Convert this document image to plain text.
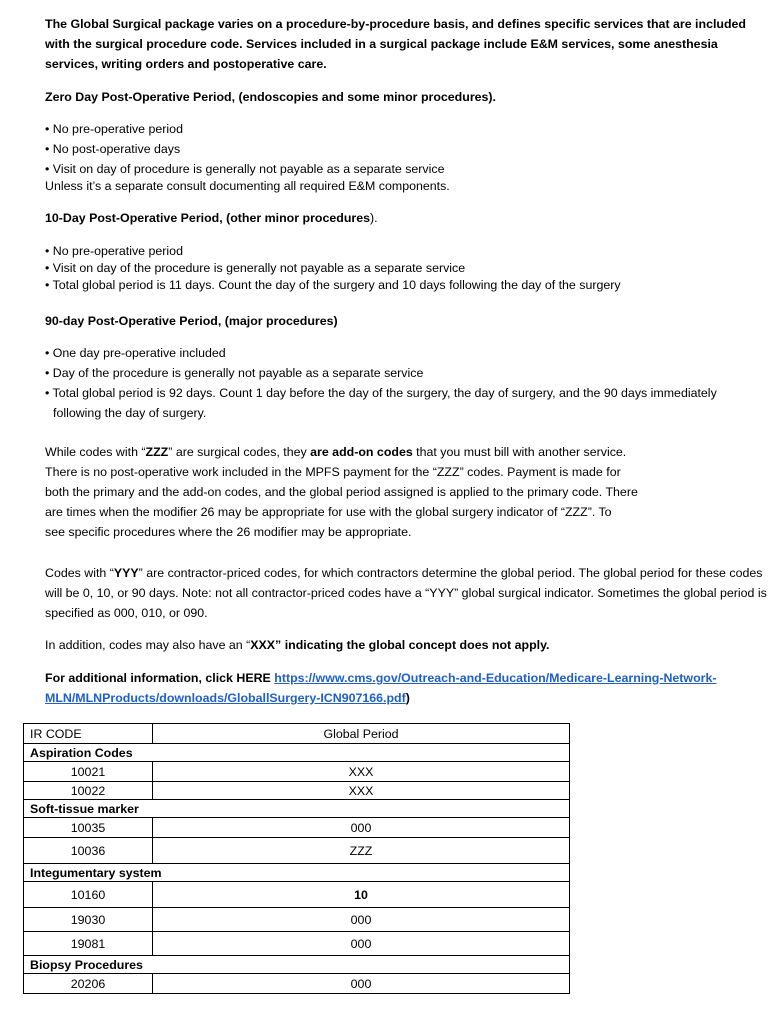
The Global Surgical package varies on a procedure-by-procedure basis, and defines specific services that are included
with the surgical procedure code. Services included in a surgical package include E&M services, some anesthesia
services, writing orders and postoperative care.
Zero Day Post-Operative Period, (endoscopies and some minor procedures).
• No pre-operative period
• No post-operative days
• Visit on day of procedure is generally not payable as a separate service
Unless it’s a separate consult documenting all required E&M components.
10-Day Post-Operative Period, (other minor procedures).
• No pre-operative period
• Visit on day of the procedure is generally not payable as a separate service
• Total global period is 11 days. Count the day of the surgery and 10 days following the day of the surgery
90-day Post-Operative Period, (major procedures)
• One day pre-operative included
• Day of the procedure is generally not payable as a separate service
• Total global period is 92 days. Count 1 day before the day of the surgery, the day of surgery, and the 90 days immediately
following the day of surgery.
While codes with “ZZZ” are surgical codes, they are add-on codes that you must bill with another service.
There is no post-operative work included in the MPFS payment for the “ZZZ” codes. Payment is made for
both the primary and the add-on codes, and the global period assigned is applied to the primary code. There
are times when the modifier 26 may be appropriate for use with the global surgery indicator of “ZZZ”. To
see specific procedures where the 26 modifier may be appropriate.
Codes with “YYY” are contractor-priced codes, for which contractors determine the global period. The global period for these codes
will be 0, 10, or 90 days. Note: not all contractor-priced codes have a “YYY” global surgical indicator. Sometimes the global period is
specified as 000, 010, or 090.
In addition, codes may also have an “XXX” indicating the global concept does not apply.
For additional information, click HERE https://www.cms.gov/Outreach-and-Education/Medicare-Learning-Network-
MLN/MLNProducts/downloads/GloballSurgery-ICN907166.pdf)
IR CODE	Global Period
Aspiration Codes	
10021	XXX
10022	XXX
Soft-tissue marker	
10035	000
10036	ZZZ
Integumentary system	
10160	10
19030	000
19081	000
Biopsy Procedures	
20206	000
